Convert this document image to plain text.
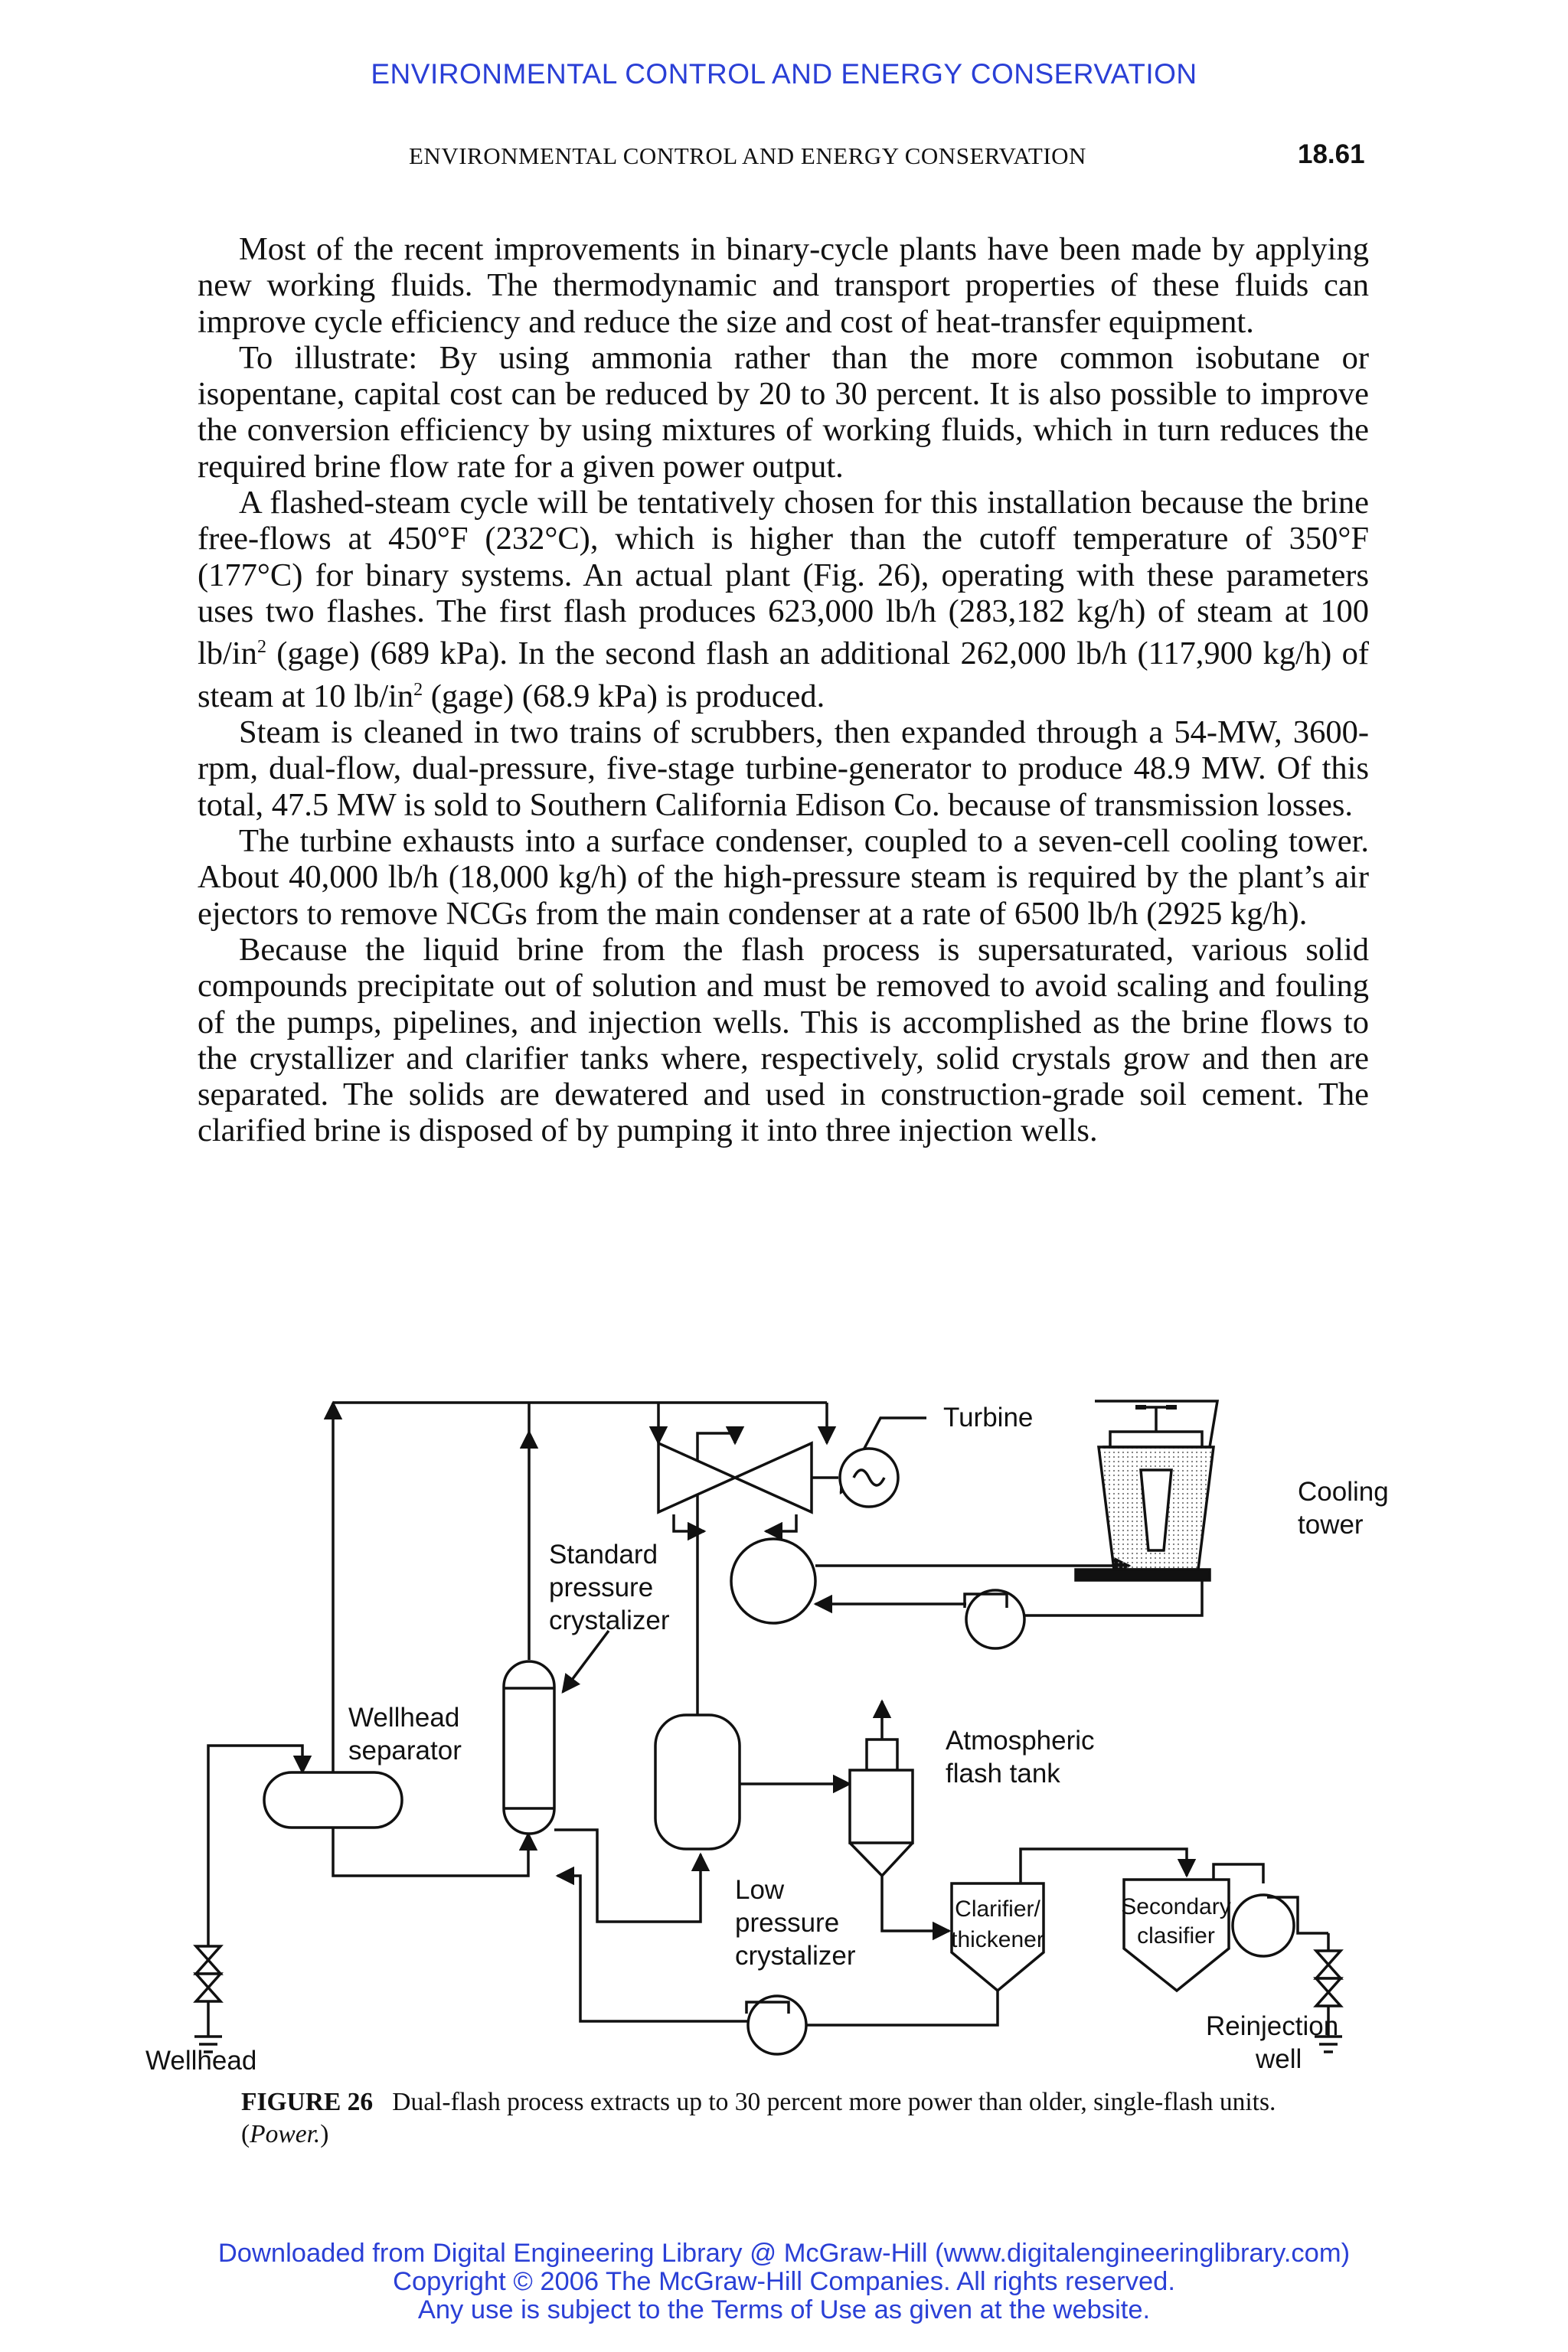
ENVIRONMENTAL CONTROL AND ENERGY CONSERVATION
ENVIRONMENTAL CONTROL AND ENERGY CONSERVATION	18.61

Most of the recent improvements in binary-cycle plants have been made by applying new working fluids. The thermodynamic and transport properties of these fluids can improve cycle efficiency and reduce the size and cost of heat-transfer equipment.

To illustrate: By using ammonia rather than the more common isobutane or isopentane, capital cost can be reduced by 20 to 30 percent. It is also possible to improve the conversion efficiency by using mixtures of working fluids, which in turn reduces the required brine flow rate for a given power output.

A flashed-steam cycle will be tentatively chosen for this installation because the brine free-flows at 450°F (232°C), which is higher than the cutoff temperature of 350°F (177°C) for binary systems. An actual plant (Fig. 26), operating with these parameters uses two flashes. The first flash produces 623,000 lb/h (283,182 kg/h) of steam at 100 $lb/in^2$ (gage) (689 kPa). In the second flash an additional 262,000 lb/h (117,900 kg/h) of steam at 10 $lb/in^2$ (gage) (68.9 kPa) is produced.

Steam is cleaned in two trains of scrubbers, then expanded through a 54-MW, 3600-rpm, dual-flow, dual-pressure, five-stage turbine-generator to produce 48.9 MW. Of this total, 47.5 MW is sold to Southern California Edison Co. because of transmission losses.

The turbine exhausts into a surface condenser, coupled to a seven-cell cooling tower. About 40,000 lb/h (18,000 kg/h) of the high-pressure steam is required by the plant’s air ejectors to remove NCGs from the main condenser at a rate of 6500 lb/h (2925 kg/h).

Because the liquid brine from the flash process is supersaturated, various solid compounds precipitate out of solution and must be removed to avoid scaling and fouling of the pumps, pipelines, and injection wells. This is accomplished as the brine flows to the crystallizer and clarifier tanks where, respectively, solid crystals grow and then are separated. The solids are dewatered and used in construction-grade soil cement. The clarified brine is disposed of by pumping it into three injection wells.

Turbine
Cooling
tower
Standard
pressure
crystalizer
Wellhead
separator	Atmospheric
flash tank
Low
pressure
crystalizer
Clarifier/
thickener
Secondary
clasifier
Reinjection
well
Wellhead
FIGURE 26 Dual-flash process extracts up to 30 percent more power than older, single-flash units. (Power.)
Downloaded from Digital Engineering Library @ McGraw-Hill (www.digitalengineeringlibrary.com)
Copyright © 2006 The McGraw-Hill Companies. All rights reserved.
Any use is subject to the Terms of Use as given at the website.
